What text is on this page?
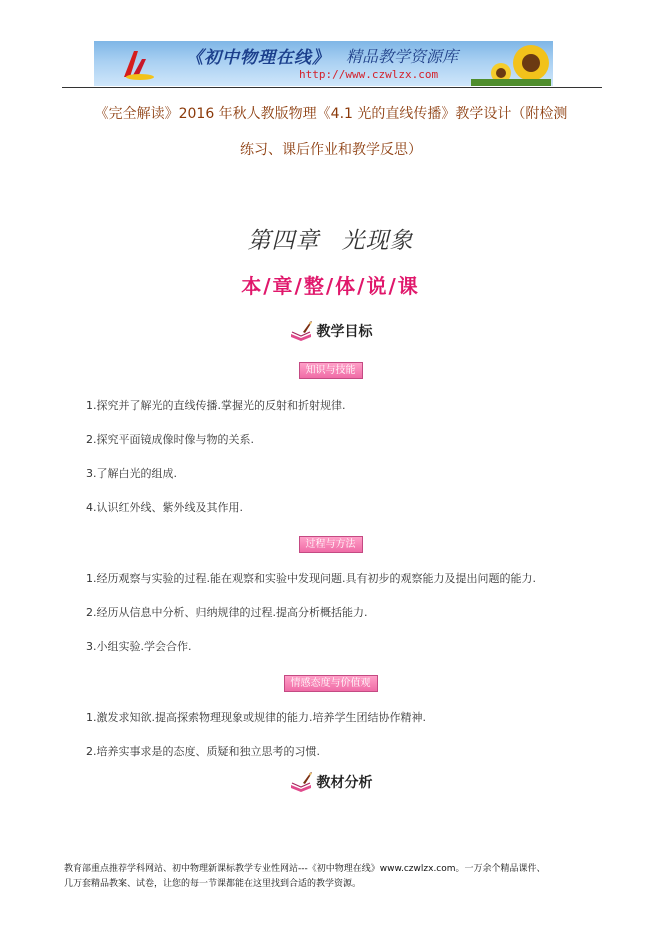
《初中物理在线》 精品教学资源库
http://www.czwlzx.com
《完全解读》2016 年秋人教版物理《4.1 光的直线传播》教学设计（附检测
练习、课后作业和教学反思）
第四章 光现象
本/章/整/体/说/课
教学目标
知识与技能
1.探究并了解光的直线传播.掌握光的反射和折射规律.
2.探究平面镜成像时像与物的关系.
3.了解白光的组成.
4.认识红外线、紫外线及其作用.
过程与方法
1.经历观察与实验的过程.能在观察和实验中发现问题.具有初步的观察能力及提出问题的能力.
2.经历从信息中分析、归纳规律的过程.提高分析概括能力.
3.小组实验.学会合作.
情感态度与价值观
1.激发求知欲.提高探索物理现象或规律的能力.培养学生团结协作精神.
2.培养实事求是的态度、质疑和独立思考的习惯.
教材分析
教育部重点推荐学科网站、初中物理新课标教学专业性网站---《初中物理在线》www.czwlzx.com。一万余个精品课件、
几万套精品教案、试卷，让您的每一节课都能在这里找到合适的教学资源。
